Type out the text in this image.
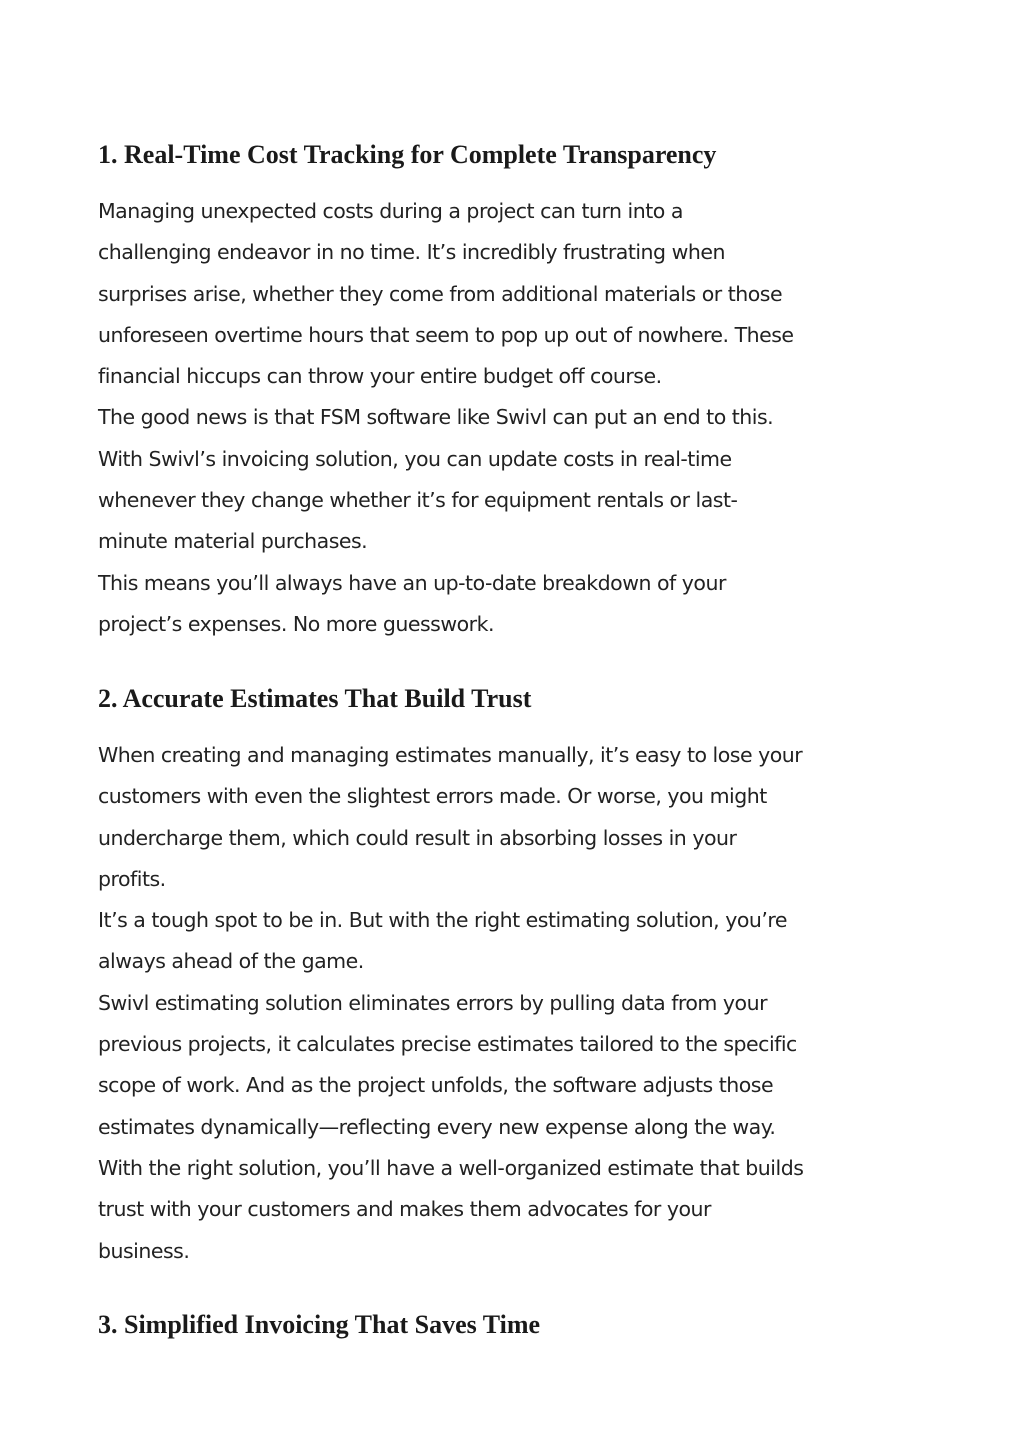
1. Real-Time Cost Tracking for Complete Transparency
Managing unexpected costs during a project can turn into a
challenging endeavor in no time. It’s incredibly frustrating when
surprises arise, whether they come from additional materials or those
unforeseen overtime hours that seem to pop up out of nowhere. These
financial hiccups can throw your entire budget off course.
The good news is that FSM software like Swivl can put an end to this.
With Swivl’s invoicing solution, you can update costs in real-time
whenever they change whether it’s for equipment rentals or last-
minute material purchases.
This means you’ll always have an up-to-date breakdown of your
project’s expenses. No more guesswork.
2. Accurate Estimates That Build Trust
When creating and managing estimates manually, it’s easy to lose your
customers with even the slightest errors made. Or worse, you might
undercharge them, which could result in absorbing losses in your
profits.
It’s a tough spot to be in. But with the right estimating solution, you’re
always ahead of the game.
Swivl estimating solution eliminates errors by pulling data from your
previous projects, it calculates precise estimates tailored to the specific
scope of work. And as the project unfolds, the software adjusts those
estimates dynamically—reflecting every new expense along the way.
With the right solution, you’ll have a well-organized estimate that builds
trust with your customers and makes them advocates for your
business.
3. Simplified Invoicing That Saves Time
